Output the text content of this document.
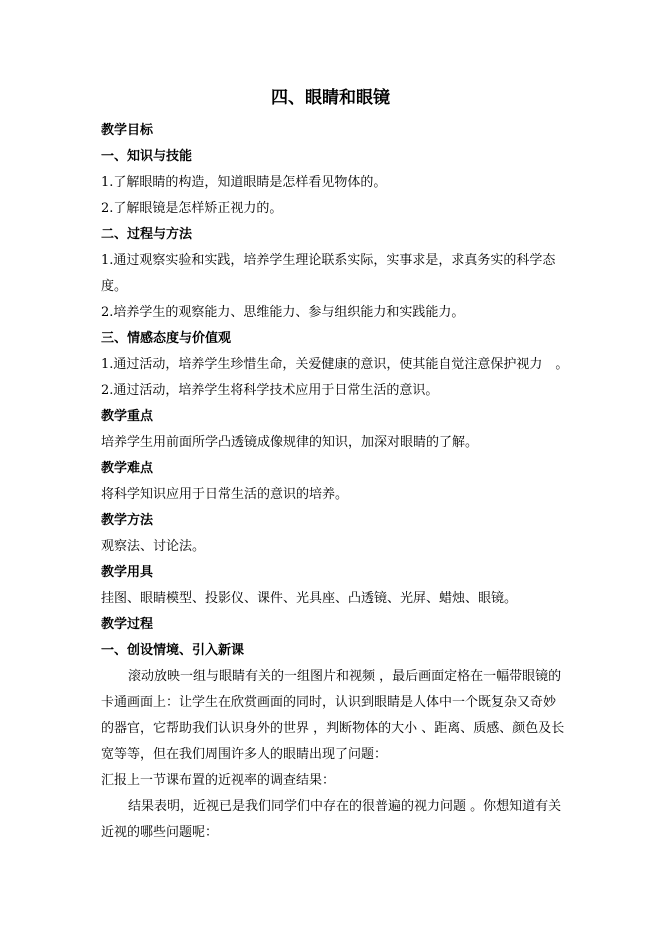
四、眼睛和眼镜
教学目标
一、知识与技能
1.了解眼睛的构造，知道眼睛是怎样看见物体的。
2.了解眼镜是怎样矫正视力的。
二、过程与方法
1.通过观察实验和实践，培养学生理论联系实际，实事求是，求真务实的科学态
度。
2.培养学生的观察能力、思维能力、参与组织能力和实践能力。
三、情感态度与价值观
1.通过活动，培养学生珍惜生命，关爱健康的意识，使其能自觉注意保护视力　。
2.通过活动，培养学生将科学技术应用于日常生活的意识。
教学重点
培养学生用前面所学凸透镜成像规律的知识，加深对眼睛的了解。
教学难点
将科学知识应用于日常生活的意识的培养。
教学方法
观察法、讨论法。
教学用具
挂图、眼睛模型、投影仪、课件、光具座、凸透镜、光屏、蜡烛、眼镜。
教学过程
一、创设情境、引入新课
滚动放映一组与眼睛有关的一组图片和视频 ，最后画面定格在一幅带眼镜的
卡通画面上：让学生在欣赏画面的同时，认识到眼睛是人体中一个既复杂又奇妙
的器官，它帮助我们认识身外的世界 ，判断物体的大小 、距离、质感、颜色及长
宽等等，但在我们周围许多人的眼睛出现了问题：
汇报上一节课布置的近视率的调查结果：
结果表明，近视已是我们同学们中存在的很普遍的视力问题 。你想知道有关
近视的哪些问题呢：
